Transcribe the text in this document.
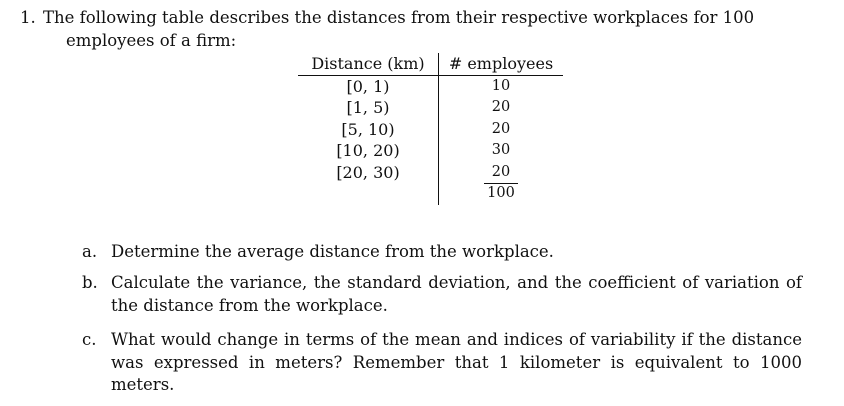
1. The following table describes the distances from their respective workplaces for 100
employees of a firm:
Distance (km)	# employees
[0, 1)	10
[1, 5)	20
[5, 10)	20
[10, 20)	30
[20, 30)	20
	100
a. Determine the average distance from the workplace.
b. Calculate the variance, the standard deviation, and the coefficient of variation of the distance from the workplace.
c. What would change in terms of the mean and indices of variability if the distance was expressed in meters? Remember that 1 kilometer is equivalent to 1000 meters.
